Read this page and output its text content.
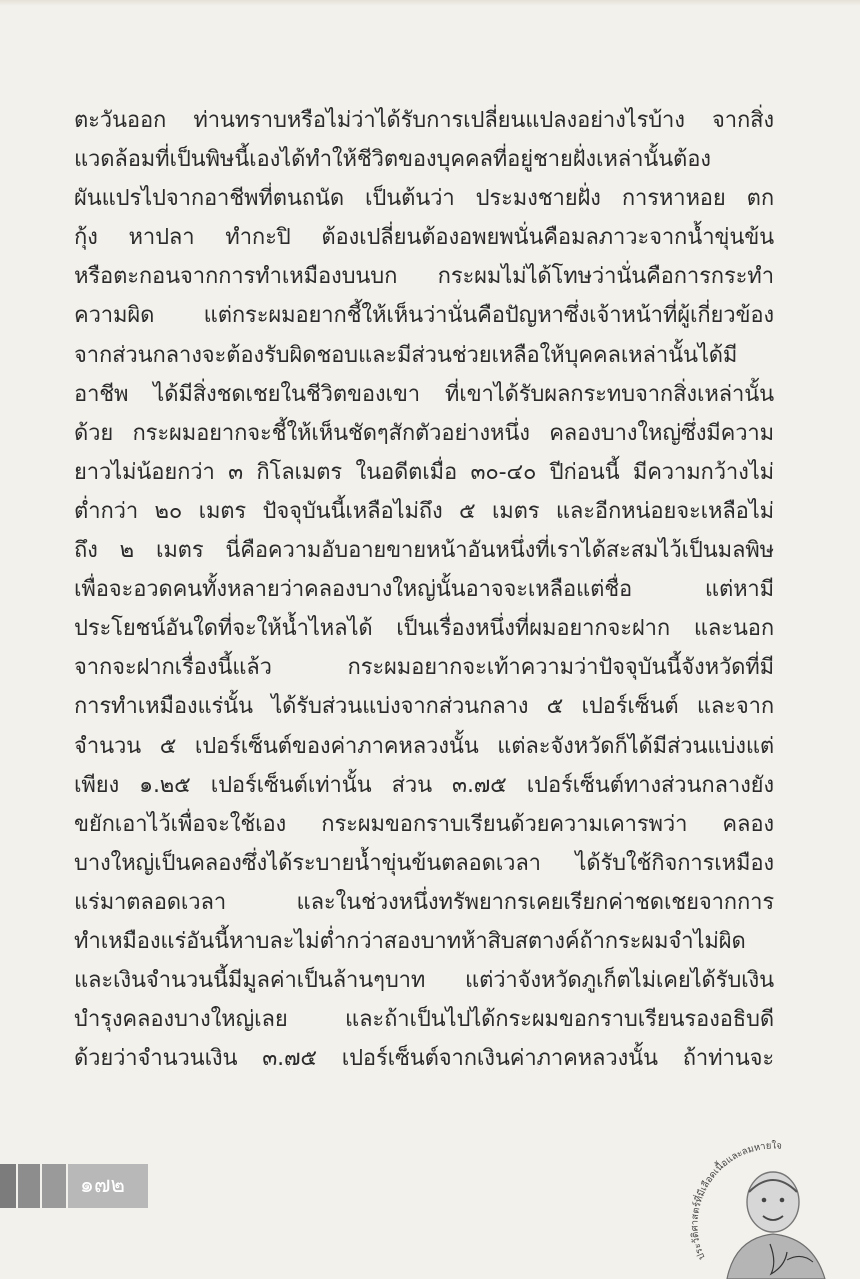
ตะวันออก ท่านทราบหรือไม่ว่าได้รับการเปลี่ยนแปลงอย่างไรบ้าง จากสิ่ง
แวดล้อมที่เป็นพิษนี้เองได้ทำให้ชีวิตของบุคคลที่อยู่ชายฝั่งเหล่านั้นต้อง
ผันแปรไปจากอาชีพที่ตนถนัด เป็นต้นว่า ประมงชายฝั่ง การหาหอย ตก
กุ้ง หาปลา ทำกะปิ ต้องเปลี่ยนต้องอพยพนั่นคือมลภาวะจากน้ำขุ่นข้น
หรือตะกอนจากการทำเหมืองบนบก กระผมไม่ได้โทษว่านั่นคือการกระทำ
ความผิด แต่กระผมอยากชี้ให้เห็นว่านั่นคือปัญหาซึ่งเจ้าหน้าที่ผู้เกี่ยวข้อง
จากส่วนกลางจะต้องรับผิดชอบและมีส่วนช่วยเหลือให้บุคคลเหล่านั้นได้มี
อาชีพ ได้มีสิ่งชดเชยในชีวิตของเขา ที่เขาได้รับผลกระทบจากสิ่งเหล่านั้น
ด้วย กระผมอยากจะชี้ให้เห็นชัดๆสักตัวอย่างหนึ่ง คลองบางใหญ่ซึ่งมีความ
ยาวไม่น้อยกว่า ๓ กิโลเมตร ในอดีตเมื่อ ๓๐-๔๐ ปีก่อนนี้ มีความกว้างไม่
ต่ำกว่า ๒๐ เมตร ปัจจุบันนี้เหลือไม่ถึง ๕ เมตร และอีกหน่อยจะเหลือไม่
ถึง ๒ เมตร นี่คือความอับอายขายหน้าอันหนึ่งที่เราได้สะสมไว้เป็นมลพิษ
เพื่อจะอวดคนทั้งหลายว่าคลองบางใหญ่นั้นอาจจะเหลือแต่ชื่อ แต่หามี
ประโยชน์อันใดที่จะให้น้ำไหลได้ เป็นเรื่องหนึ่งที่ผมอยากจะฝาก และนอก
จากจะฝากเรื่องนี้แล้ว กระผมอยากจะเท้าความว่าปัจจุบันนี้จังหวัดที่มี
การทำเหมืองแร่นั้น ได้รับส่วนแบ่งจากส่วนกลาง ๕ เปอร์เซ็นต์ และจาก
จำนวน ๕ เปอร์เซ็นต์ของค่าภาคหลวงนั้น แต่ละจังหวัดก็ได้มีส่วนแบ่งแต่
เพียง ๑.๒๕ เปอร์เซ็นต์เท่านั้น ส่วน ๓.๗๕ เปอร์เซ็นต์ทางส่วนกลางยัง
ขยักเอาไว้เพื่อจะใช้เอง กระผมขอกราบเรียนด้วยความเคารพว่า คลอง
บางใหญ่เป็นคลองซึ่งได้ระบายน้ำขุ่นข้นตลอดเวลา ได้รับใช้กิจการเหมือง
แร่มาตลอดเวลา และในช่วงหนึ่งทรัพยากรเคยเรียกค่าชดเชยจากการ
ทำเหมืองแร่อันนี้หาบละไม่ต่ำกว่าสองบาทห้าสิบสตางค์ถ้ากระผมจำไม่ผิด
และเงินจำนวนนี้มีมูลค่าเป็นล้านๆบาท แต่ว่าจังหวัดภูเก็ตไม่เคยได้รับเงิน
บำรุงคลองบางใหญ่เลย และถ้าเป็นไปได้กระผมขอกราบเรียนรองอธิบดี
ด้วยว่าจำนวนเงิน ๓.๗๕ เปอร์เซ็นต์จากเงินค่าภาคหลวงนั้น ถ้าท่านจะ
๑๗๒
ประวัติศาสตร์ที่มีเลือดเนื้อและลมหายใจ
